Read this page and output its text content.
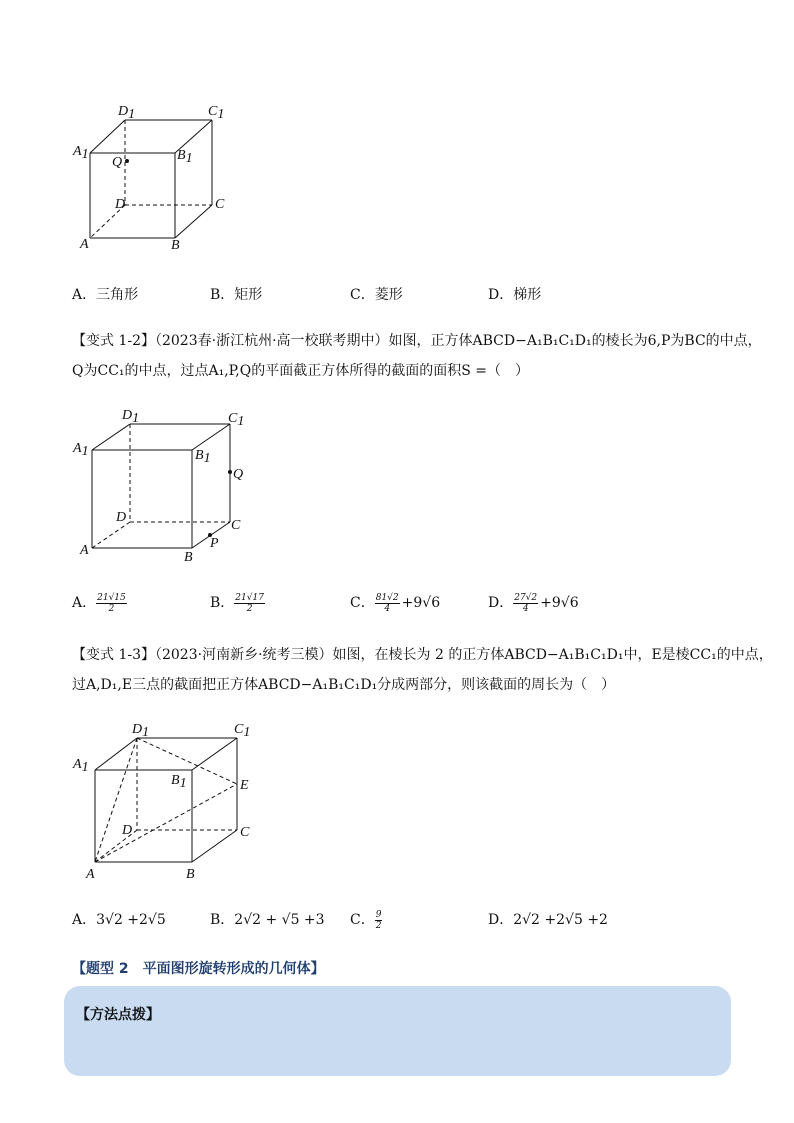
D1	C1
A1	B1
Q
D	C
A	B
A．三角形	B．矩形	C．菱形	D．梯形
【变式 1-2】（2023春·浙江杭州·高一校联考期中）如图，正方体ABCD−A₁B₁C₁D₁的棱长为6,P为BC的中点，
Q为CC₁的中点，过点A₁,P,Q的平面截正方体所得的截面的面积S =（　）
D1	C1
A1	B1
Q
D
C
A	B
P
A． $\frac{21√15}{2}$	B． $\frac{21√17}{2}$	C． $\frac{81√2}{4} +9√6$	D． $\frac{27√2}{4} +9√6$
【变式 1-3】（2023·河南新乡·统考三模）如图，在棱长为 2 的正方体ABCD−A₁B₁C₁D₁中，E是棱CC₁的中点，
过A,D₁,E三点的截面把正方体ABCD−A₁B₁C₁D₁分成两部分，则该截面的周长为（　）
D1	C1
A1
B1	E
D	C
A	B
A．3√2 +2√5	B．2√2 + √5 +3 C． $\frac{9}{2}$	D．2√2 +2√5 +2
【题型 2　平面图形旋转形成的几何体】
【方法点拨】
